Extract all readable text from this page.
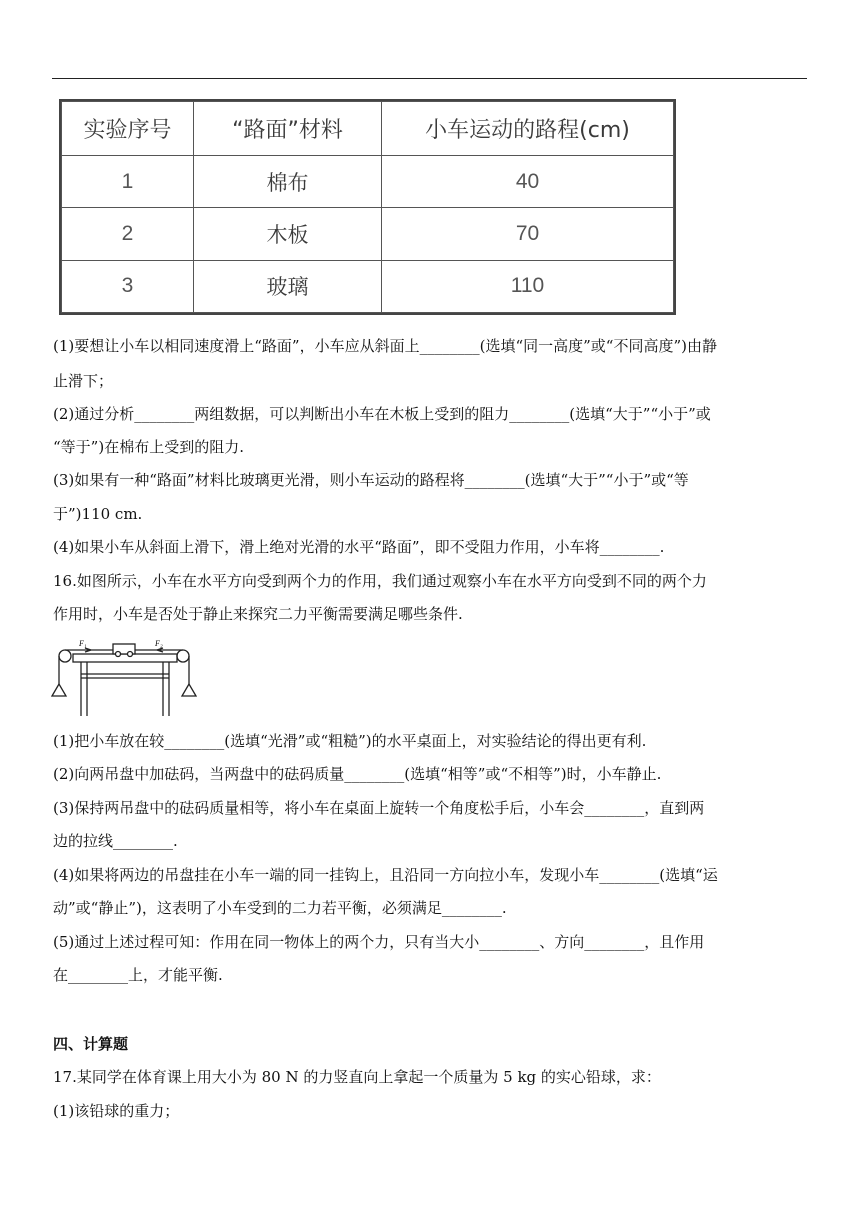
实验序号	“路面”材料	小车运动的路程(cm)
1	棉布	40
2	木板	70
3	玻璃	110

(1)要想让小车以相同速度滑上“路面”，小车应从斜面上________(选填“同一高度”或“不同高度”)由静

止滑下；

(2)通过分析________两组数据，可以判断出小车在木板上受到的阻力________(选填“大于”“小于”或

“等于”)在棉布上受到的阻力.

(3)如果有一种“路面”材料比玻璃更光滑，则小车运动的路程将________(选填“大于”“小于”或“等

于”)110 cm.

(4)如果小车从斜面上滑下，滑上绝对光滑的水平“路面”，即不受阻力作用，小车将________.

16.如图所示，小车在水平方向受到两个力的作用，我们通过观察小车在水平方向受到不同的两个力

作用时，小车是否处于静止来探究二力平衡需要满足哪些条件.

F₁	F₂

(1)把小车放在较________(选填“光滑”或“粗糙”)的水平桌面上，对实验结论的得出更有利.

(2)向两吊盘中加砝码，当两盘中的砝码质量________(选填“相等”或“不相等”)时，小车静止.

(3)保持两吊盘中的砝码质量相等，将小车在桌面上旋转一个角度松手后，小车会________，直到两

边的拉线________.

(4)如果将两边的吊盘挂在小车一端的同一挂钩上，且沿同一方向拉小车，发现小车________(选填“运

动”或“静止”)，这表明了小车受到的二力若平衡，必须满足________.

(5)通过上述过程可知：作用在同一物体上的两个力，只有当大小________、方向________，且作用

在________上，才能平衡.

四、计算题

17.某同学在体育课上用大小为 80 N 的力竖直向上拿起一个质量为 5 kg 的实心铅球，求：

(1)该铅球的重力；
